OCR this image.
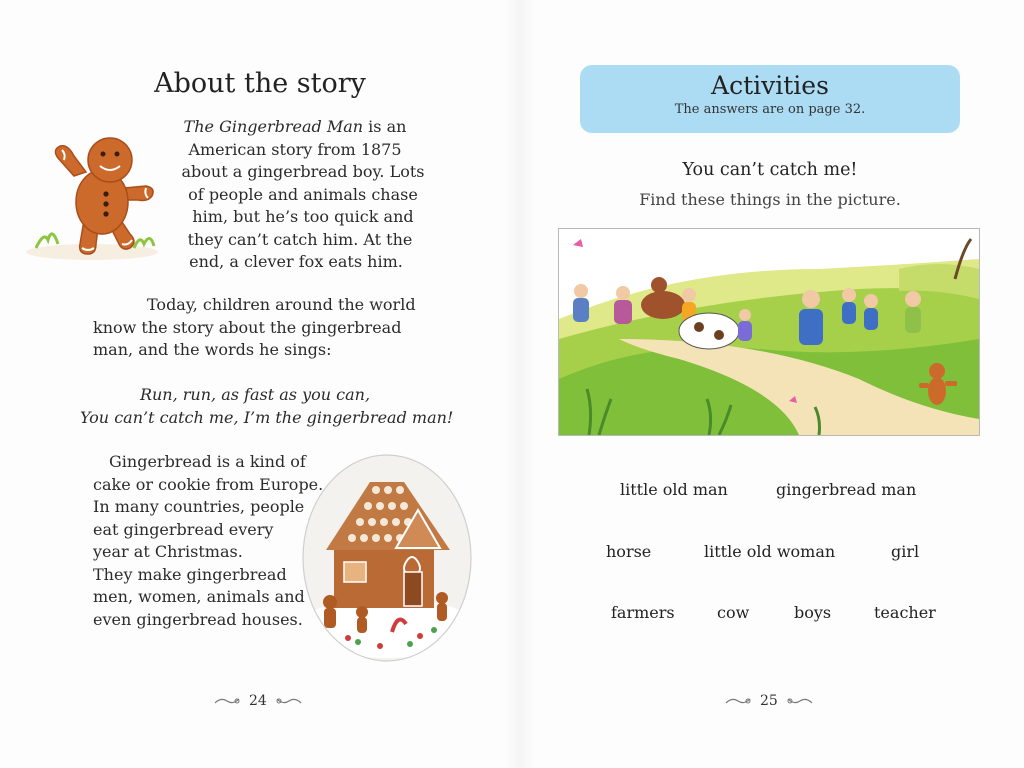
About the story
The Gingerbread Man is an
American story from 1875
about a gingerbread boy. Lots
of people and animals chase
him, but he’s too quick and
they can’t catch him. At the
end, a clever fox eats him.
Today, children around the world
know the story about the gingerbread
man, and the words he sings:
Run, run, as fast as you can,
You can’t catch me, I’m the gingerbread man!
Gingerbread is a kind of
cake or cookie from Europe.
In many countries, people
eat gingerbread every
year at Christmas.
They make gingerbread
men, women, animals and
even gingerbread houses.
24
Activities
The answers are on page 32.
You can’t catch me!
Find these things in the picture.
little old man	gingerbread man
horse	little old woman	girl
farmers	cow	boys	teacher
25
